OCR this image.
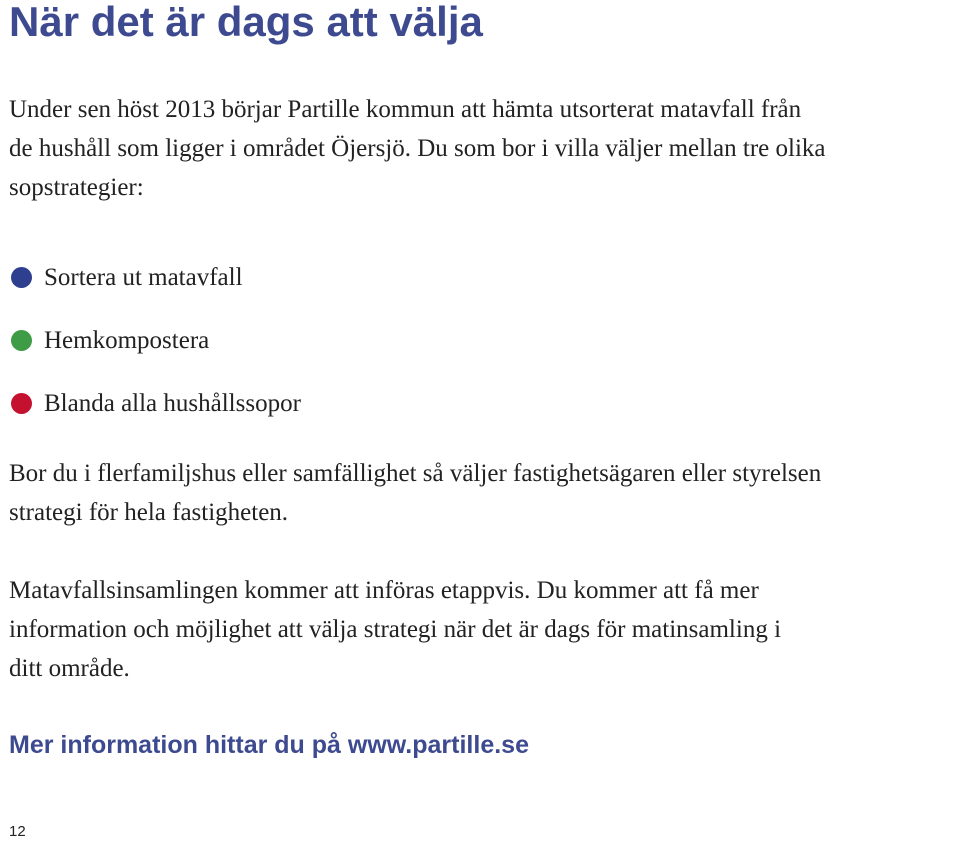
När det är dags att välja

Under sen höst 2013 börjar Partille kommun att hämta utsorterat matavfall från
de hushåll som ligger i området Öjersjö. Du som bor i villa väljer mellan tre olika
sopstrategier:

Sortera ut matavfall
Hemkompostera
Blanda alla hushållssopor

Bor du i flerfamiljshus eller samfällighet så väljer fastighetsägaren eller styrelsen
strategi för hela fastigheten.

Matavfallsinsamlingen kommer att införas etappvis. Du kommer att få mer
information och möjlighet att välja strategi när det är dags för matinsamling i
ditt område.

Mer information hittar du på www.partille.se

12
